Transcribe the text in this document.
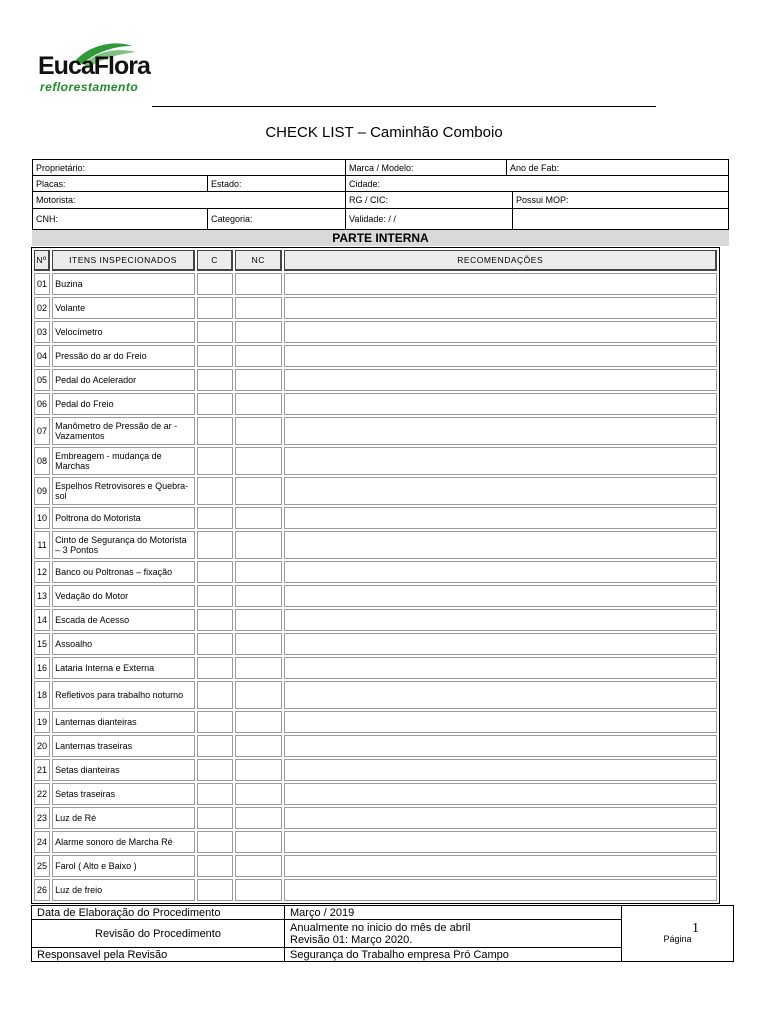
EucaFlora
reflorestamento
CHECK LIST – Caminhão Comboio
Proprietário:	Marca / Modelo:	Ano de Fab:
Placas:	Estado:	Cidade:
Motorista:	RG / CIC:	Possui MOP:
CNH:	Categoria:	Validade: / /
PARTE INTERNA
Nº	ITENS INSPECIONADOS	C	NC	RECOMENDAÇÕES
01	Buzina			
02	Volante			
03	Velocímetro			
04	Pressão do ar do Freio			
05	Pedal do Acelerador			
06	Pedal do Freio			
07	Manômetro de Pressão de ar - Vazamentos			
08	Embreagem - mudança de Marchas			
09	Espelhos Retrovisores e Quebra-sol			
10	Poltrona do Motorista			
11	Cinto de Segurança do Motorista – 3 Pontos			
12	Banco ou Poltronas – fixação			
13	Vedação do Motor			
14	Escada de Acesso			
15	Assoalho			
16	Lataria Interna e Externa			
18	Refletivos para trabalho noturno			
19	Lanternas dianteiras			
20	Lanternas traseiras			
21	Setas dianteiras			
22	Setas traseiras			
23	Luz de Ré			
24	Alarme sonoro de Marcha Ré			
25	Farol ( Alto e Baixo )			
26	Luz de freio			
Data de Elaboração do Procedimento	Março / 2019	1
Página

Revisão do Procedimento	Anualmente no inicio do mês de abril
Revisão 01: Março 2020.	

Responsavel pela Revisão	Segurança do Trabalho empresa Pró Campo	
